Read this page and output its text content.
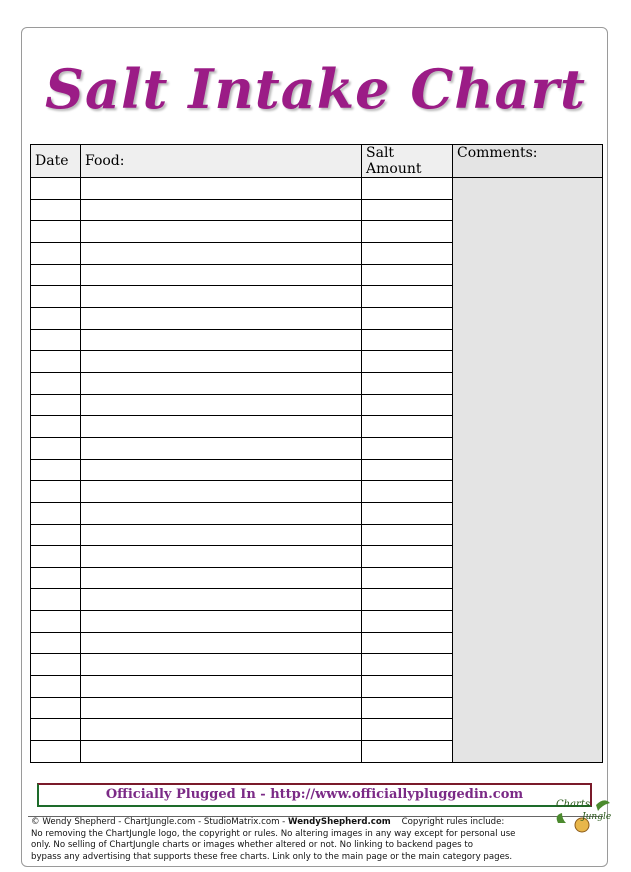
Salt Intake Chart
Date	Food:	Salt Amount	Comments:

Officially Plugged In - http://www.officiallypluggedin.com
© Wendy Shepherd - ChartJungle.com - StudioMatrix.com - WendyShepherd.com Copyright rules include:
No removing the ChartJungle logo, the copyright or rules. No altering images in any way except for personal use
only. No selling of ChartJungle charts or images whether altered or not. No linking to backend pages to
bypass any advertising that supports these free charts. Link only to the main page or the main category pages.
Charts
Jungle
